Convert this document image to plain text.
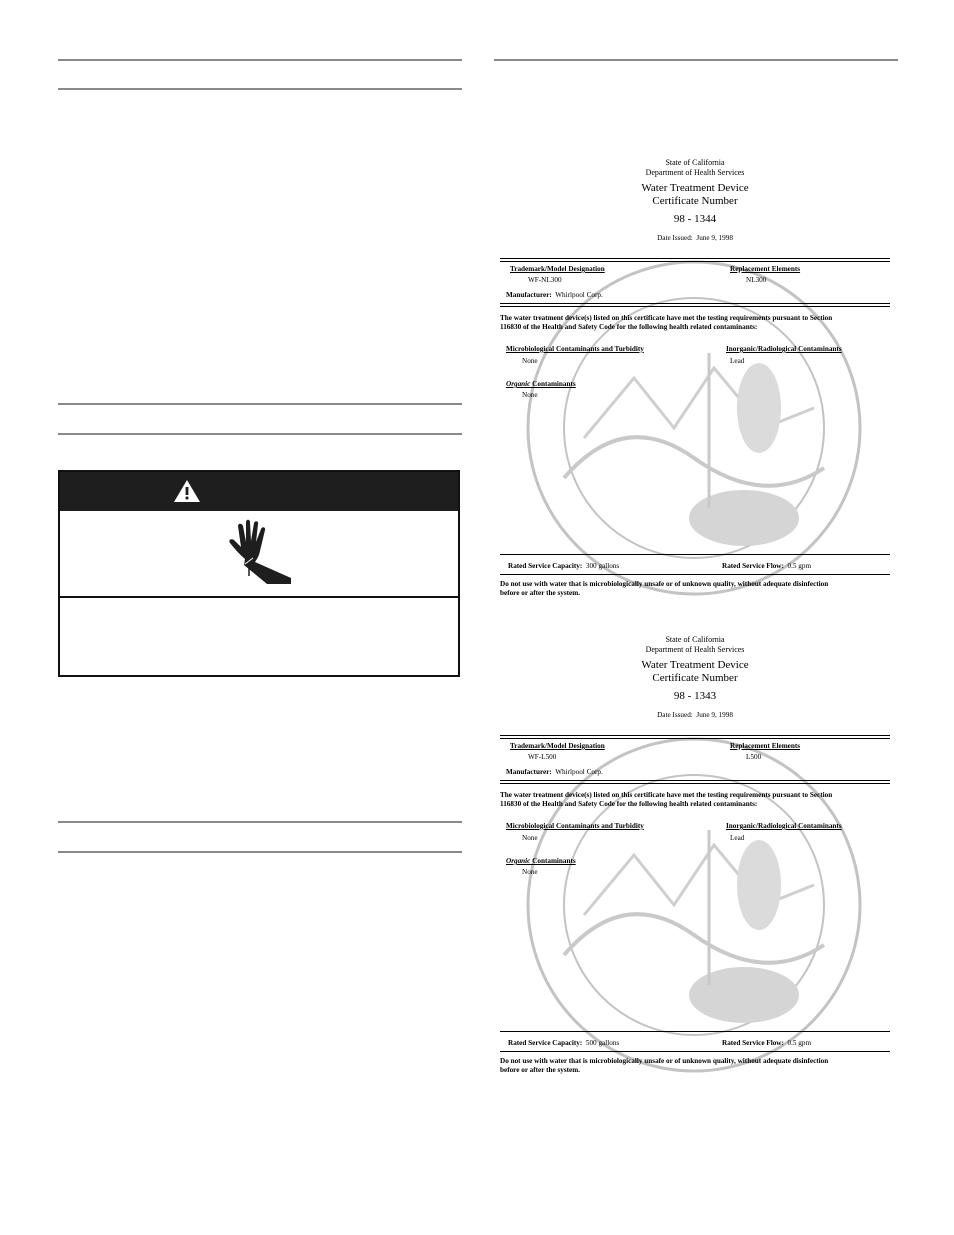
State of California
Department of Health Services
Water Treatment Device
Certificate Number
98 - 1344
Date Issued: June 9, 1998
Trademark/Model Designation
WF-NL300
Replacement Elements
NL300
Manufacturer: Whirlpool Corp.
The water treatment device(s) listed on this certificate have met the testing requirements pursuant to Section
116830 of the Health and Safety Code for the following health related contaminants:
Microbiological Contaminants and Turbidity
None
Inorganic/Radiological Contaminants
Lead
Organic Contaminants
None
Rated Service Capacity: 300 gallons	Rated Service Flow: 0.5 gpm
Do not use with water that is microbiologically unsafe or of unknown quality, without adequate disinfection
before or after the system.
State of California
Department of Health Services
Water Treatment Device
Certificate Number
98 - 1343
Date Issued: June 9, 1998
Trademark/Model Designation
WF-L500
Replacement Elements
L500
Manufacturer: Whirlpool Corp.
The water treatment device(s) listed on this certificate have met the testing requirements pursuant to Section
116830 of the Health and Safety Code for the following health related contaminants:
Microbiological Contaminants and Turbidity
None
Inorganic/Radiological Contaminants
Lead
Organic Contaminants
None
Rated Service Capacity: 500 gallons	Rated Service Flow: 0.5 gpm
Do not use with water that is microbiologically unsafe or of unknown quality, without adequate disinfection
before or after the system.
